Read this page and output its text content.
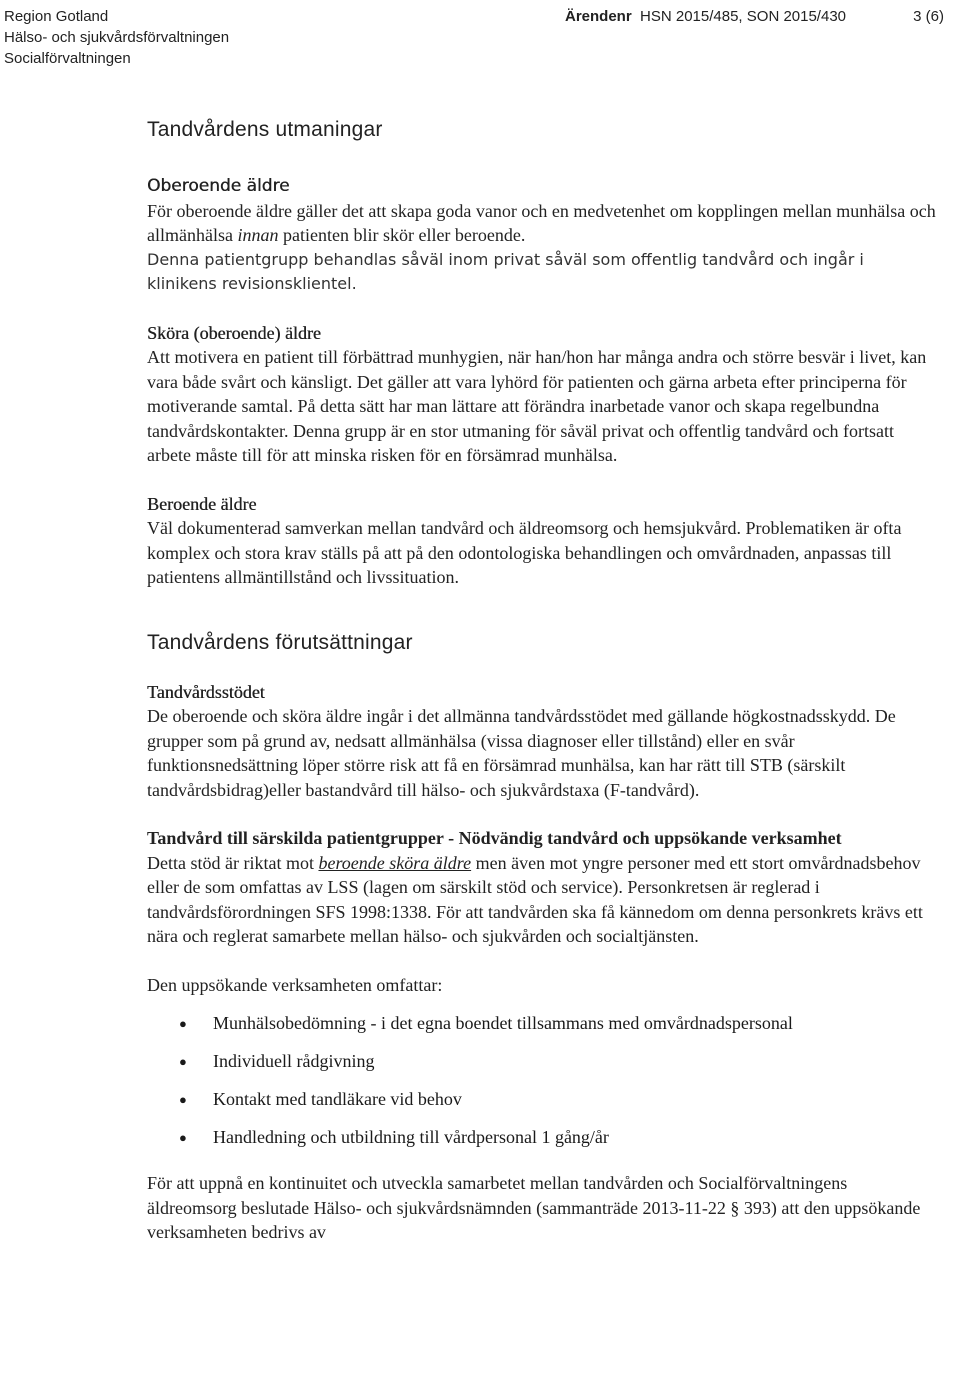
Region Gotland
Hälso- och sjukvårdsförvaltningen
Socialförvaltningen
Ärendenr HSN 2015/485, SON 2015/430	3 (6)
Tandvårdens utmaningar
Oberoende äldre

För oberoende äldre gäller det att skapa goda vanor och en medvetenhet om kopplingen mellan munhälsa och allmänhälsa innan patienten blir skör eller beroende.

Denna patientgrupp behandlas såväl inom privat såväl som offentlig tandvård och ingår i klinikens revisionsklientel.

Sköra (oberoende) äldre

Att motivera en patient till förbättrad munhygien, när han/hon har många andra och större besvär i livet, kan vara både svårt och känsligt. Det gäller att vara lyhörd för patienten och gärna arbeta efter principerna för motiverande samtal. På detta sätt har man lättare att förändra inarbetade vanor och skapa regelbundna tandvårdskontakter. Denna grupp är en stor utmaning för såväl privat och offentlig tandvård och fortsatt arbete måste till för att minska risken för en försämrad munhälsa.

Beroende äldre

Väl dokumenterad samverkan mellan tandvård och äldreomsorg och hemsjukvård. Problematiken är ofta komplex och stora krav ställs på att på den odontologiska behandlingen och omvårdnaden, anpassas till patientens allmäntillstånd och livssituation.

Tandvårdens förutsättningar
Tandvårdsstödet

De oberoende och sköra äldre ingår i det allmänna tandvårdsstödet med gällande högkostnadsskydd. De grupper som på grund av, nedsatt allmänhälsa (vissa diagnoser eller tillstånd) eller en svår funktionsnedsättning löper större risk att få en försämrad munhälsa, kan har rätt till STB (särskilt tandvårdsbidrag)eller bastandvård till hälso- och sjukvårdstaxa (F-tandvård).

Tandvård till särskilda patientgrupper - Nödvändig tandvård och uppsökande verksamhet

Detta stöd är riktat mot beroende sköra äldre men även mot yngre personer med ett stort omvårdnadsbehov eller de som omfattas av LSS (lagen om särskilt stöd och service). Personkretsen är reglerad i tandvårdsförordningen SFS 1998:1338. För att tandvården ska få kännedom om denna personkrets krävs ett nära och reglerat samarbete mellan hälso- och sjukvården och socialtjänsten.

Den uppsökande verksamheten omfattar:

● Munhälsobedömning - i det egna boendet tillsammans med omvårdnadspersonal
● Individuell rådgivning
● Kontakt med tandläkare vid behov
● Handledning och utbildning till vårdpersonal 1 gång/år

För att uppnå en kontinuitet och utveckla samarbetet mellan tandvården och Socialförvaltningens äldreomsorg beslutade Hälso- och sjukvårdsnämnden (sammanträde 2013-11-22 § 393) att den uppsökande verksamheten bedrivs av
